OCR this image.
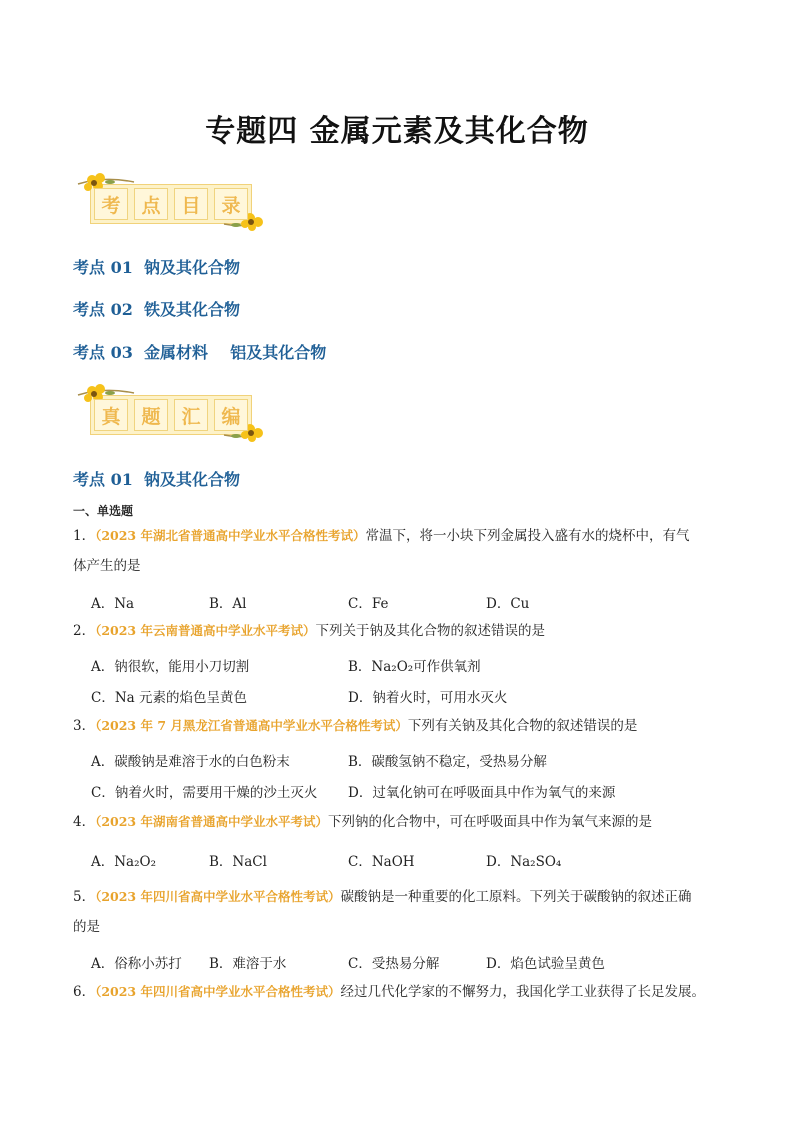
专题四 金属元素及其化合物
考	点	目	录
考点 01 钠及其化合物
考点 02 铁及其化合物
考点 03 金属材料    铝及其化合物
真	题	汇	编
考点 01 钠及其化合物
一、单选题
1．（2023 年湖北省普通高中学业水平合格性考试）常温下，将一小块下列金属投入盛有水的烧杯中，有气
体产生的是
A．Na	B．Al	C．Fe	D．Cu
2．（2023 年云南普通高中学业水平考试）下列关于钠及其化合物的叙述错误的是
A．钠很软，能用小刀切割	B．Na₂O₂可作供氧剂
C．Na 元素的焰色呈黄色	D．钠着火时，可用水灭火
3．（2023 年 7 月黑龙江省普通高中学业水平合格性考试）下列有关钠及其化合物的叙述错误的是
A．碳酸钠是难溶于水的白色粉末	B．碳酸氢钠不稳定，受热易分解
C．钠着火时，需要用干燥的沙土灭火 D．过氧化钠可在呼吸面具中作为氧气的来源
4．（2023 年湖南省普通高中学业水平考试）下列钠的化合物中，可在呼吸面具中作为氧气来源的是
A．Na₂O₂	B．NaCl	C．NaOH	D．Na₂SO₄
5．（2023 年四川省高中学业水平合格性考试）碳酸钠是一种重要的化工原料。下列关于碳酸钠的叙述正确
的是
A．俗称小苏打 B．难溶于水	C．受热易分解	D．焰色试验呈黄色
6．（2023 年四川省高中学业水平合格性考试）经过几代化学家的不懈努力，我国化学工业获得了长足发展。
